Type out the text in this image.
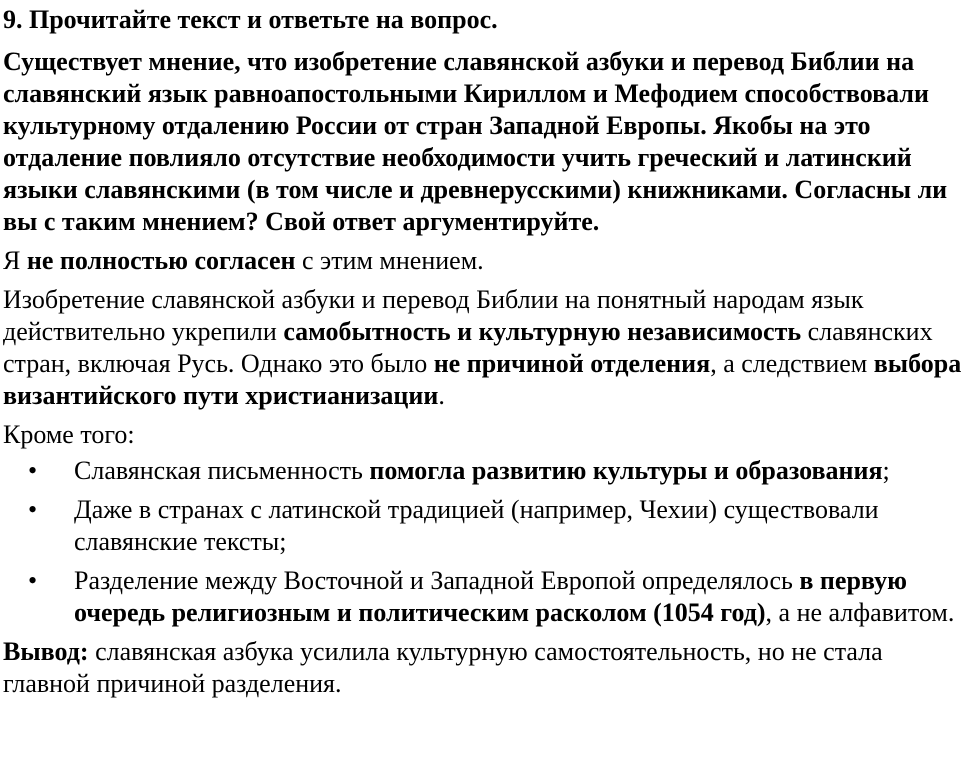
9. Прочитайте текст и ответьте на вопрос.
Существует мнение, что изобретение славянской азбуки и перевод Библии на славянский язык равноапостольными Кириллом и Мефодием способствовали культурному отдалению России от стран Западной Европы. Якобы на это отдаление повлияло отсутствие необходимости учить греческий и латинский языки славянскими (в том числе и древнерусскими) книжниками. Согласны ли вы с таким мнением? Свой ответ аргументируйте.

Я не полностью согласен с этим мнением.

Изобретение славянской азбуки и перевод Библии на понятный народам язык действительно укрепили самобытность и культурную независимость славянских стран, включая Русь. Однако это было не причиной отделения, а следствием выбора византийского пути христианизации.

Кроме того:
• Славянская письменность помогла развитию культуры и образования;
• Даже в странах с латинской традицией (например, Чехии) существовали славянские тексты;
• Разделение между Восточной и Западной Европой определялось в первую очередь религиозным и политическим расколом (1054 год), а не алфавитом.

Вывод: славянская азбука усилила культурную самостоятельность, но не стала главной причиной разделения.
